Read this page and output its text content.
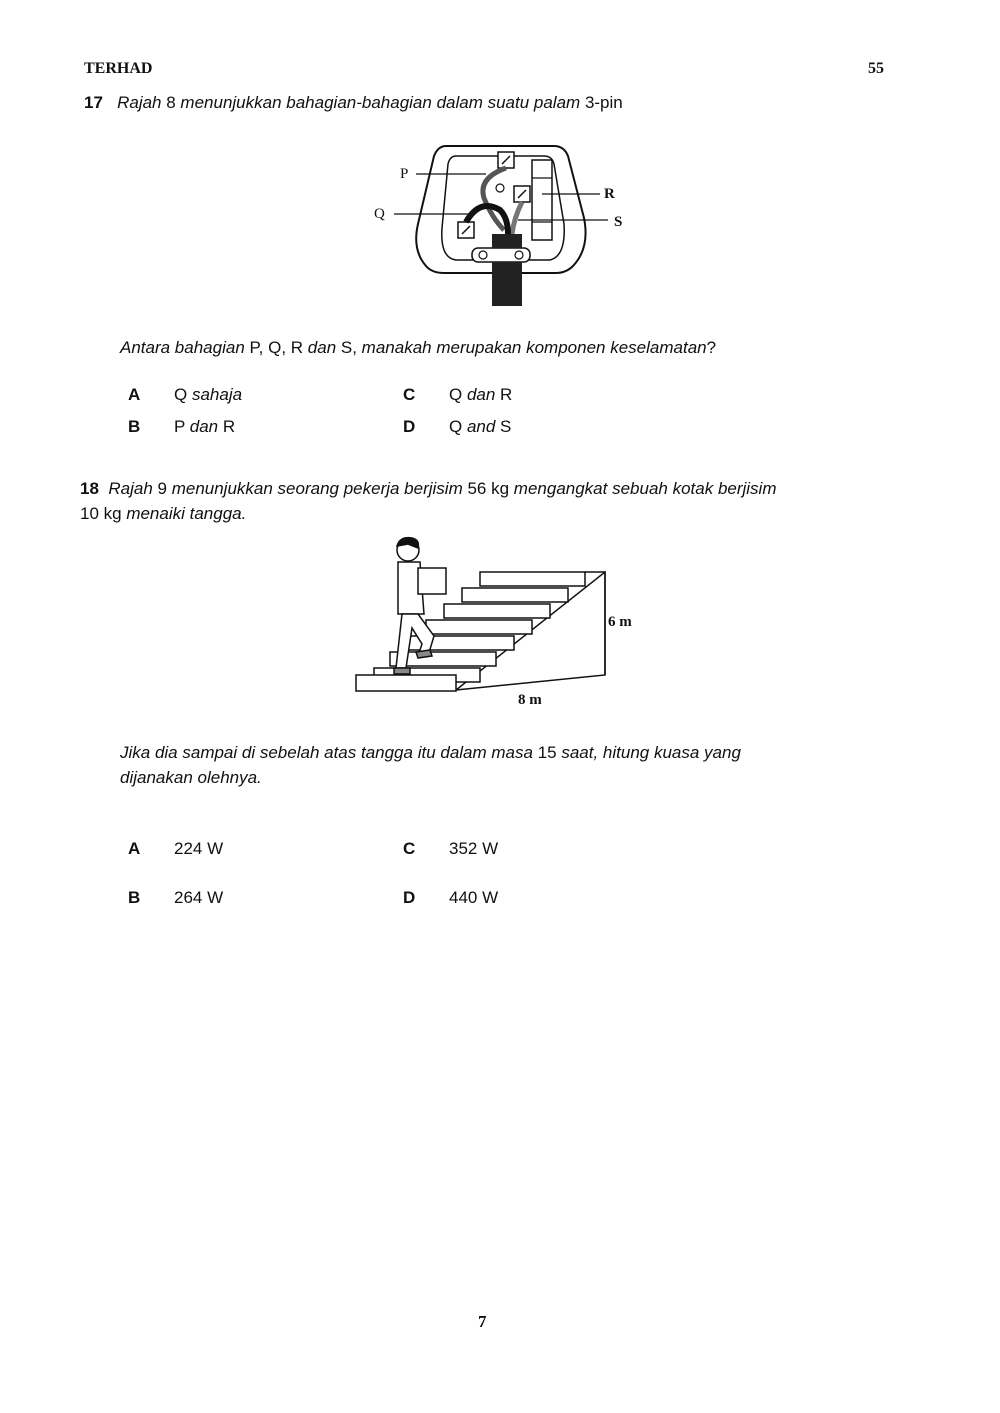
TERHAD	55
17 Rajah 8 menunjukkan bahagian-bahagian dalam suatu palam 3-pin
P
Q
R
S
Antara bahagian P, Q, R dan S, manakah merupakan komponen keselamatan?
A Q sahaja
B P dan R
C Q dan R
D Q and S
18 Rajah 9 menunjukkan seorang pekerja berjisim 56 kg mengangkat sebuah kotak berjisim
10 kg menaiki tangga.
6 m
8 m
Jika dia sampai di sebelah atas tangga itu dalam masa 15 saat, hitung kuasa yang
dijanakan olehnya.
A 224 W
B 264 W
C 352 W
D 440 W
7
